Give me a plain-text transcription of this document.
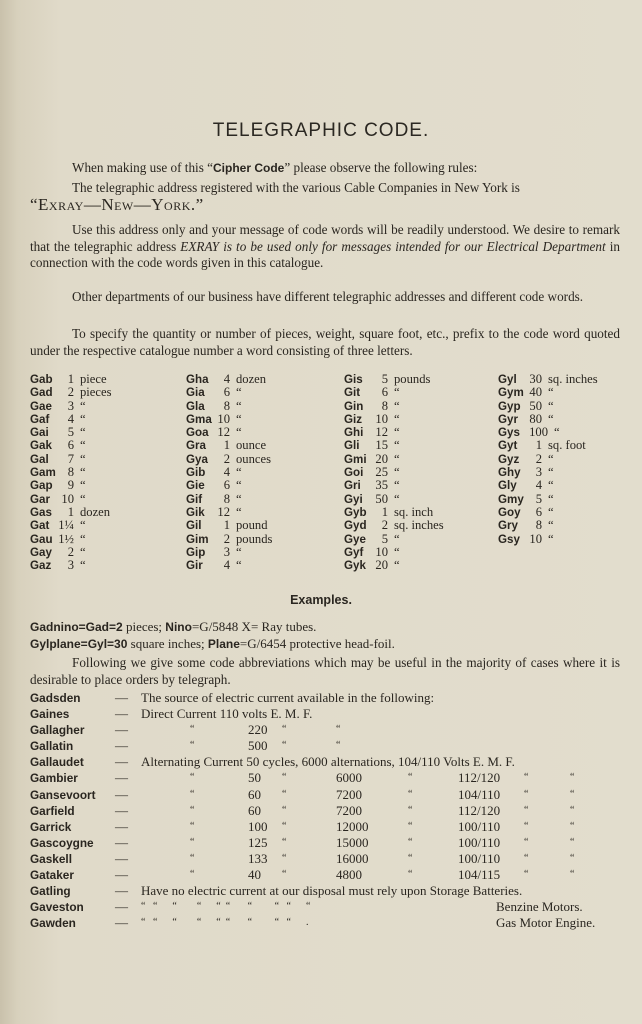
TELEGRAPHIC CODE.
When making use of this “Cipher Code” please observe the following rules:
The telegraphic address registered with the various Cable Companies in New York is
“Exray—New—York.”
Use this address only and your message of code words will be readily understood. We desire to remark that the telegraphic address EXRAY is to be used only for messages intended for our Electrical Department in connection with the code words given in this catalogue.
Other departments of our business have different telegraphic addresses and different code words.
To specify the quantity or number of pieces, weight, square foot, etc., prefix to the code word quoted under the respective catalogue number a word consisting of three letters.
Gab 1 piece
Gad 2 pieces
Gae 3 “
Gaf 4 “
Gai 5 “
Gak 6 “
Gal 7 “
Gam 8 “
Gap 9 “
Gar 10 “
Gas 1 dozen
Gat 1¼ “
Gau 1½ “
Gay 2 “
Gaz 3 “
Gha 4 dozen
Gia 6 “
Gla 8 “
Gma 10 “
Goa 12 “
Gra 1 ounce
Gya 2 ounces
Gib 4 “
Gie 6 “
Gif 8 “
Gik 12 “
Gil 1 pound
Gim 2 pounds
Gip 3 “
Gir 4 “
Gis 5 pounds
Git 6 “
Gin 8 “
Giz 10 “
Ghi 12 “
Gli 15 “
Gmi 20 “
Goi 25 “
Gri 35 “
Gyi 50 “
Gyb 1 sq. inch
Gyd 2 sq. inches
Gye 5 “
Gyf 10 “
Gyk 20 “
Gyl 30 sq. inches
Gym 40 “
Gyp 50 “
Gyr 80 “
Gys 100 “
Gyt 1 sq. foot
Gyz 2 “
Ghy 3 “
Gly 4 “
Gmy 5 “
Goy 6 “
Gry 8 “
Gsy 10 “
Examples.
Gadnino=Gad=2 pieces; Nino=G/5848 X= Ray tubes.
Gylplane=Gyl=30 square inches; Plane=G/6454 protective head-foil.
Following we give some code abbreviations which may be useful in the majority of cases where it is desirable to place orders by telegraph.
Gadsden	— The source of electric current available in the following:
Gaines	— Direct Current 110 volts E. M. F.
Gallagher —	“	220 “	“
Gallatin	—	“	500 “	“
Gallaudet — Alternating Current 50 cycles, 6000 alternations, 104/110 Volts E. M. F.
Gambier	—	“	50 “	6000	“	112/120 “	“
Gansevoort —	“	60 “	7200	“	104/110 “	“
Garfield	—	“	60 “	7200	“	112/120 “	“
Garrick	—	“	100 “	12000	“	100/110 “	“
Gascoygne —	“	125 “	15000	“	100/110 “	“
Gaskell	—	“	133 “	16000	“	100/110 “	“
Gataker	—	“	40 “	4800	“	104/115 “	“
Gatling	— Have no electric current at our disposal must rely upon Storage Batteries.
Gaveston — “   “      “        “      “  “       “         “   “      “	Benzine Motors.
Gawden	— “   “      “        “      “  “       “         “   “      .	Gas Motor Engine.
